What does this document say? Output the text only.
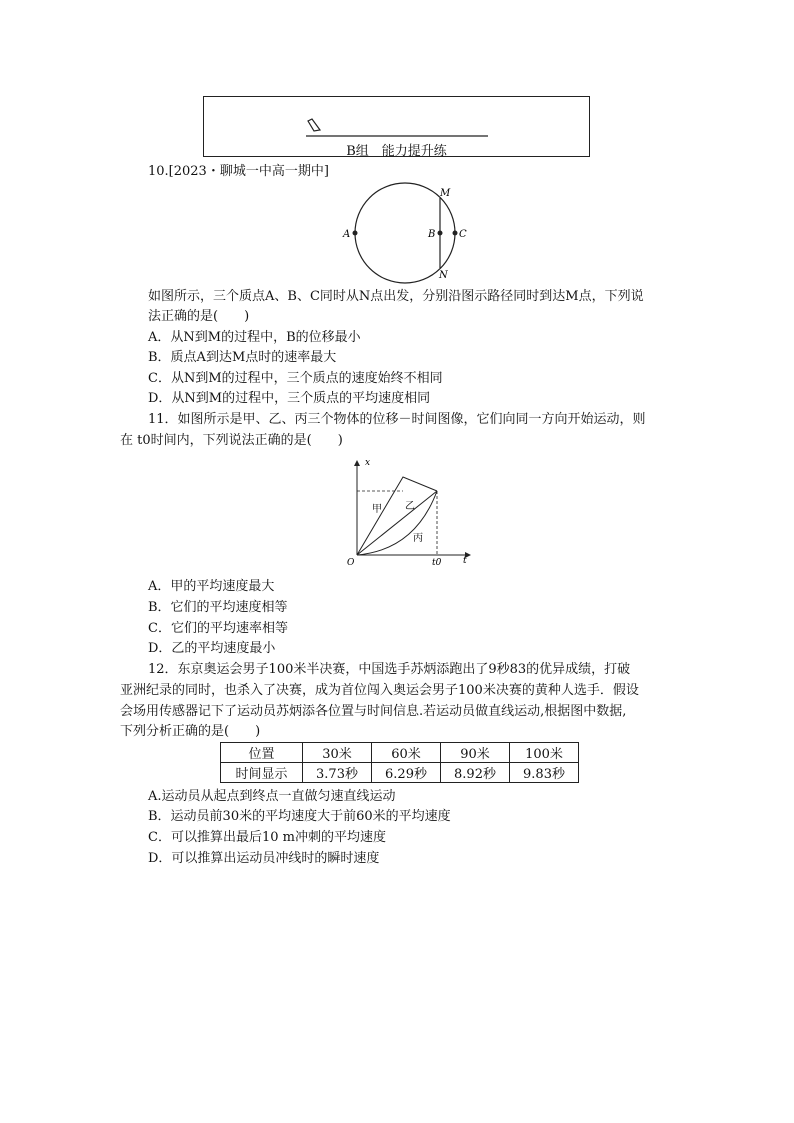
B组　能力提升练
10.[2023・聊城一中高一期中]
A	B C
M
N
如图所示，三个质点A、B、C同时从N点出发，分别沿图示路径同时到达M点，下列说
法正确的是(　　)
A．从N到M的过程中，B的位移最小
B．质点A到达M点时的速率最大
C．从N到M的过程中，三个质点的速度始终不相同
D．从N到M的过程中，三个质点的平均速度相同
11．如图所示是甲、乙、丙三个物体的位移－时间图像，它们向同一方向开始运动，则
在 t0时间内，下列说法正确的是(　　)
x
t
O	t0
甲 乙
丙
A．甲的平均速度最大
B．它们的平均速度相等
C．它们的平均速率相等
D．乙的平均速度最小
12．东京奥运会男子100米半决赛，中国选手苏炳添跑出了9秒83的优异成绩，打破
亚洲纪录的同时，也杀入了决赛，成为首位闯入奥运会男子100米决赛的黄种人选手．假设
会场用传感器记下了运动员苏炳添各位置与时间信息.若运动员做直线运动,根据图中数据,
下列分析正确的是(　　)
位置	30米	60米	90米	100米
时间显示	3.73秒	6.29秒	8.92秒	9.83秒
A.运动员从起点到终点一直做匀速直线运动
B．运动员前30米的平均速度大于前60米的平均速度
C．可以推算出最后10 m冲刺的平均速度
D．可以推算出运动员冲线时的瞬时速度
